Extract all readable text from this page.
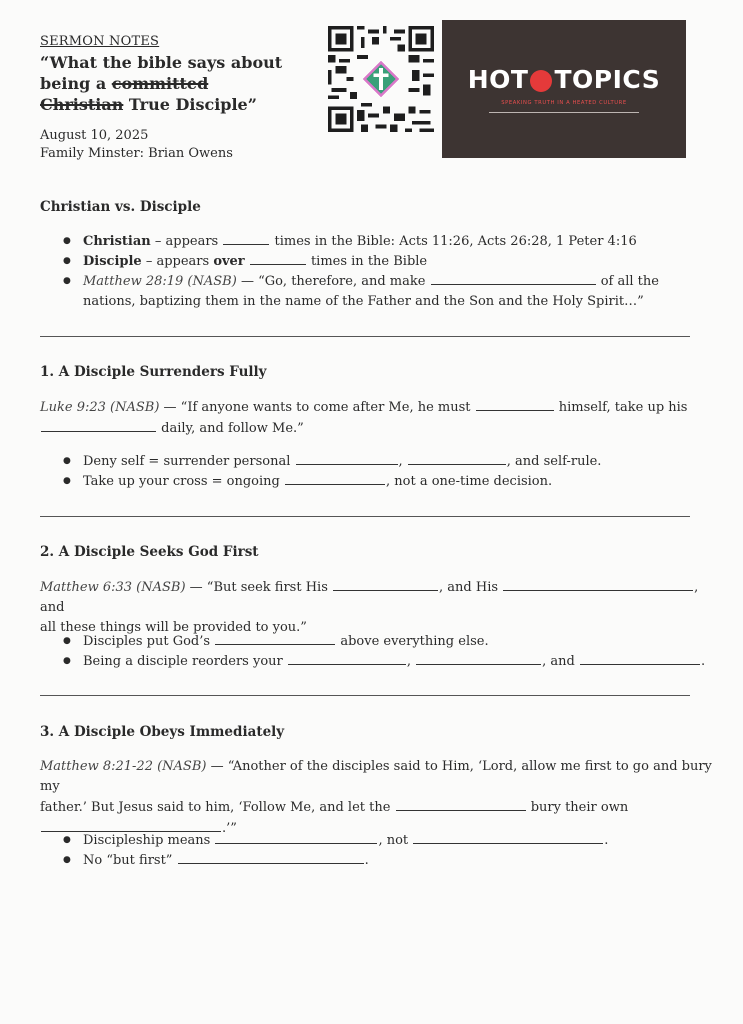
SERMON NOTES
“What the bible says about
being a committed
Christian True Disciple”
August 10, 2025
Family Minster: Brian Owens
HOT TOPICS
SPEAKING TRUTH IN A HEATED CULTURE
Christian vs. Disciple
● Christian – appears	times in the Bible: Acts 11:26, Acts 26:28, 1 Peter 4:16
● Disciple – appears over	times in the Bible
● Matthew 28:19 (NASB) — “Go, therefore, and make	of all the nations, baptizing them in the name of the Father and the Son and the Holy Spirit…”
1. A Disciple Surrenders Fully
Luke 9:23 (NASB) — “If anyone wants to come after Me, he must	himself, take up his
daily, and follow Me.”
● Deny self = surrender personal	,	, and self-rule.
● Take up your cross = ongoing	, not a one-time decision.
2. A Disciple Seeks God First
Matthew 6:33 (NASB) — “But seek first His	, and His	, and
all these things will be provided to you.”
● Disciples put God’s	above everything else.
● Being a disciple reorders your	,	, and	.
3. A Disciple Obeys Immediately
Matthew 8:21-22 (NASB) — “Another of the disciples said to Him, ‘Lord, allow me first to go and bury my
father.’ But Jesus said to him, ‘Follow Me, and let the	bury their own
.’”
● Discipleship means	, not	.
● No “but first”	.
